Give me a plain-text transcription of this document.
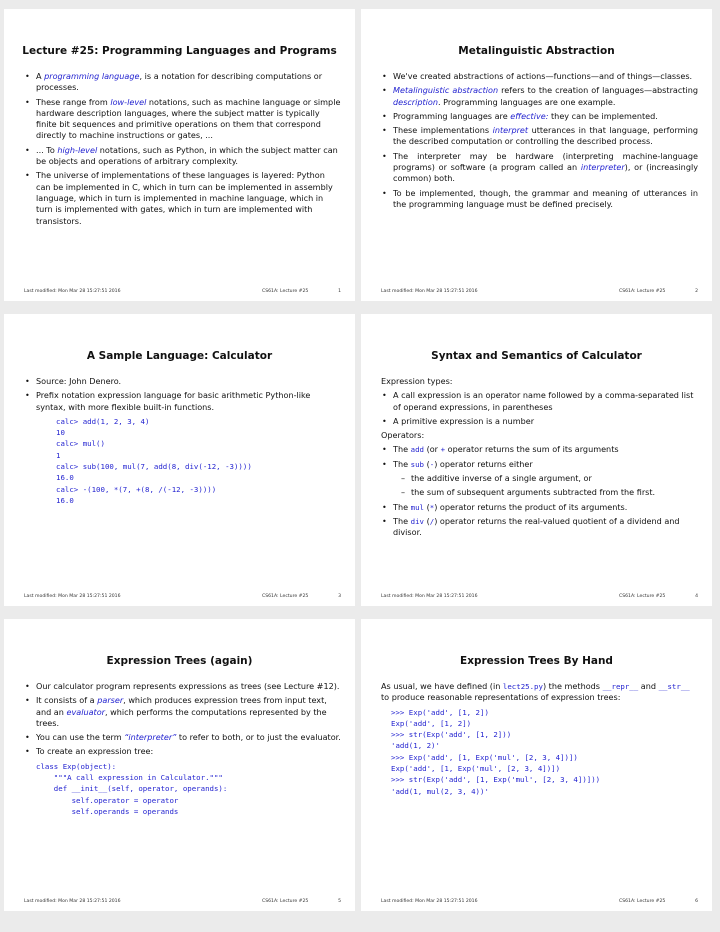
Lecture #25: Programming Languages and Programs
• A programming language, is a notation for describing computations or processes.
• These range from low-level notations, such as machine language or simple hardware description languages, where the subject matter is typically finite bit sequences and primitive operations on them that correspond directly to machine instructions or gates, ...
• ... To high-level notations, such as Python, in which the subject matter can be objects and operations of arbitrary complexity.
• The universe of implementations of these languages is layered: Python can be implemented in C, which in turn can be implemented in assembly language, which in turn is implemented in machine language, which in turn is implemented with gates, which in turn are implemented with transistors.
Last modified: Mon Mar 28 15:27:51 2016	CS61A: Lecture #25	1
Metalinguistic Abstraction
• We've created abstractions of actions—functions—and of things—classes.
• Metalinguistic abstraction refers to the creation of languages—abstracting description. Programming languages are one example.
• Programming languages are effective: they can be implemented.
• These implementations interpret utterances in that language, performing the described computation or controlling the described process.
• The interpreter may be hardware (interpreting machine-language programs) or software (a program called an interpreter), or (increasingly common) both.
• To be implemented, though, the grammar and meaning of utterances in the programming language must be defined precisely.
Last modified: Mon Mar 28 15:27:51 2016	CS61A: Lecture #25	2
A Sample Language: Calculator
• Source: John Denero.
• Prefix notation expression language for basic arithmetic Python-like syntax, with more flexible built-in functions.
calc> add(1, 2, 3, 4)
10
calc> mul()
1
calc> sub(100, mul(7, add(8, div(-12, -3))))
16.0
calc> -(100, *(7, +(8, /(-12, -3))))
16.0
Last modified: Mon Mar 28 15:27:51 2016	CS61A: Lecture #25	3
Syntax and Semantics of Calculator
Expression types:
• A call expression is an operator name followed by a comma-separated list of operand expressions, in parentheses
• A primitive expression is a number
Operators:
• The add (or + operator returns the sum of its arguments
• The sub (-) operator returns either
– the additive inverse of a single argument, or
– the sum of subsequent arguments subtracted from the first.
• The mul (*) operator returns the product of its arguments.
• The div (/) operator returns the real-valued quotient of a dividend and divisor.
Last modified: Mon Mar 28 15:27:51 2016	CS61A: Lecture #25	4
Expression Trees (again)
• Our calculator program represents expressions as trees (see Lecture #12).
• It consists of a parser, which produces expression trees from input text, and an evaluator, which performs the computations represented by the trees.
• You can use the term “interpreter” to refer to both, or to just the evaluator.
• To create an expression tree:
class Exp(object):
"""A call expression in Calculator."""
def __init__(self, operator, operands):
self.operator = operator
self.operands = operands
Last modified: Mon Mar 28 15:27:51 2016	CS61A: Lecture #25	5
Expression Trees By Hand
As usual, we have defined (in lect25.py) the methods __repr__ and __str__ to produce reasonable representations of expression trees:
>>> Exp('add', [1, 2])
Exp('add', [1, 2])
>>> str(Exp('add', [1, 2]))
'add(1, 2)'
>>> Exp('add', [1, Exp('mul', [2, 3, 4])])
Exp('add', [1, Exp('mul', [2, 3, 4])])
>>> str(Exp('add', [1, Exp('mul', [2, 3, 4])]))
'add(1, mul(2, 3, 4))'
Last modified: Mon Mar 28 15:27:51 2016	CS61A: Lecture #25	6
